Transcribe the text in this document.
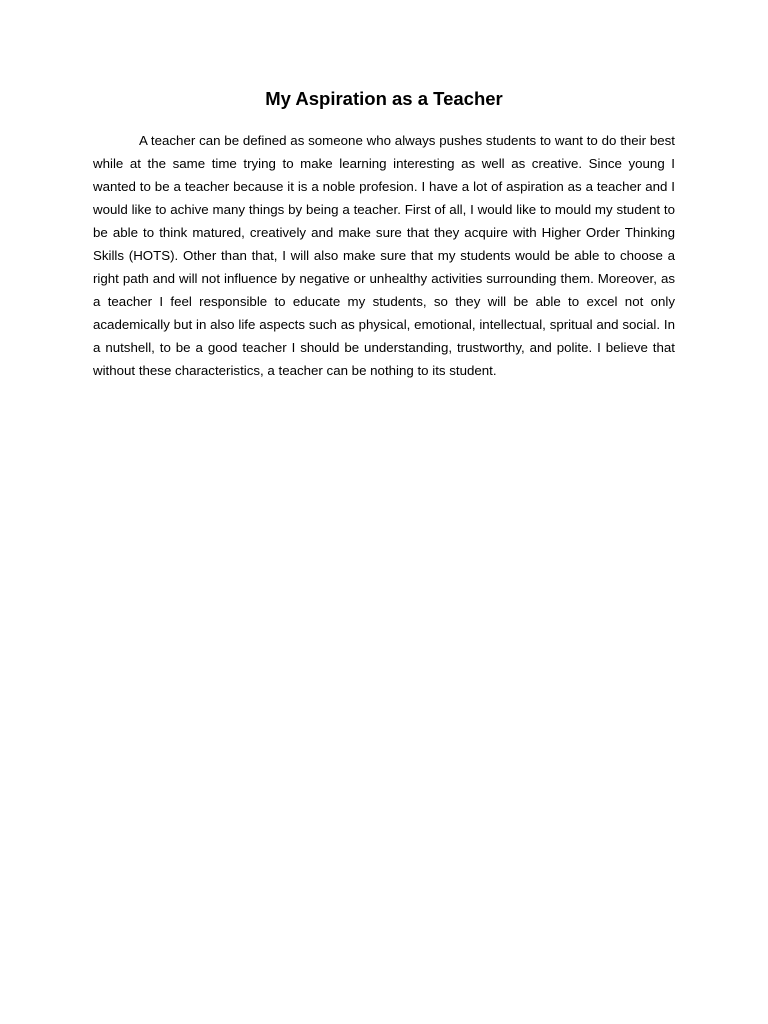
My Aspiration as a Teacher

A teacher can be defined as someone who always pushes students to want to do their best while at the same time trying to make learning interesting as well as creative. Since young I wanted to be a teacher because it is a noble profesion. I have a lot of aspiration as a teacher and I would like to achive many things by being a teacher. First of all, I would like to mould my student to be able to think matured, creatively and make sure that they acquire with Higher Order Thinking Skills (HOTS). Other than that, I will also make sure that my students would be able to choose a right path and will not influence by negative or unhealthy activities surrounding them. Moreover, as a teacher I feel responsible to educate my students, so they will be able to excel not only academically but in also life aspects such as physical, emotional, intellectual, spritual and social. In a nutshell, to be a good teacher I should be understanding, trustworthy, and polite. I believe that without these characteristics, a teacher can be nothing to its student.
